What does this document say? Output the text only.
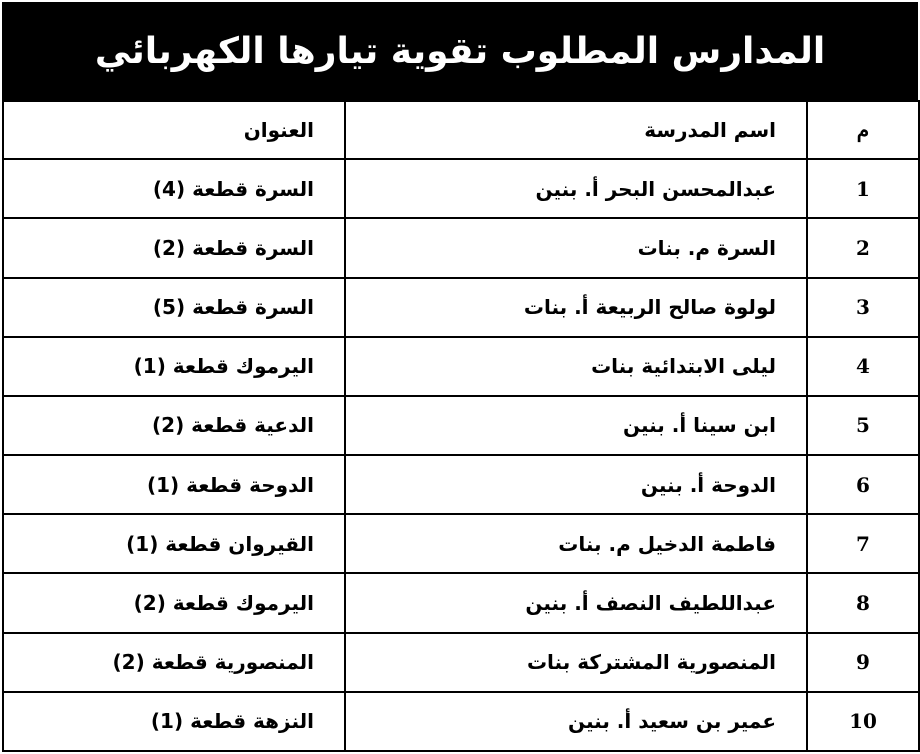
المدارس المطلوب تقوية تيارها الكهربائي
العنوان	اسم المدرسة	م
السرة قطعة (4)	عبدالمحسن البحر أ. بنين	1
السرة قطعة (2)	السرة م. بنات	2
السرة قطعة (5)	لولوة صالح الربيعة أ. بنات	3
اليرموك قطعة (1)	ليلى الابتدائية بنات	4
الدعية قطعة (2)	ابن سينا أ. بنين	5
الدوحة قطعة (1)	الدوحة أ. بنين	6
القيروان قطعة (1)	فاطمة الدخيل م. بنات	7
اليرموك قطعة (2)	عبداللطيف النصف أ. بنين	8
المنصورية قطعة (2)	المنصورية المشتركة بنات	9
النزهة قطعة (1)	عمير بن سعيد أ. بنين	10
